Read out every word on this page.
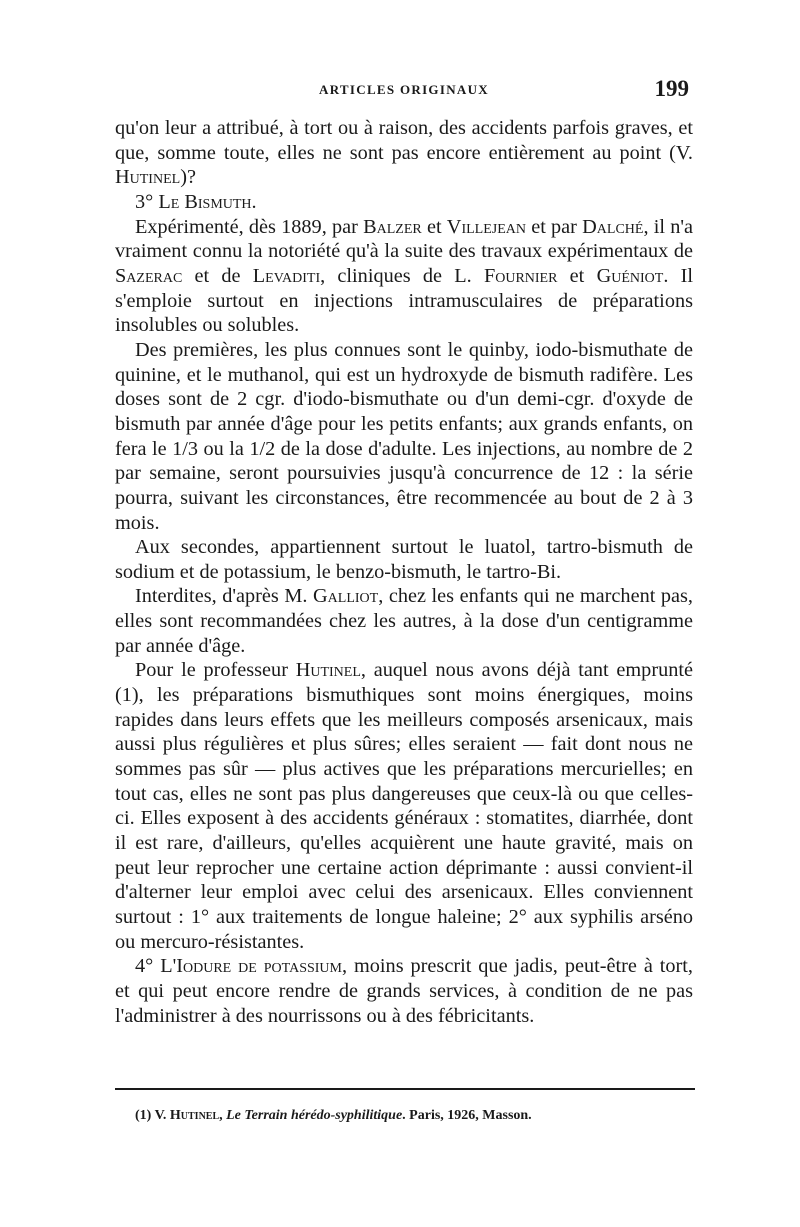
ARTICLES ORIGINAUX	199

qu'on leur a attribué, à tort ou à raison, des accidents parfois graves, et que, somme toute, elles ne sont pas encore entièrement au point (V. Hutinel)?

3° Le Bismuth.

Expérimenté, dès 1889, par Balzer et Villejean et par Dalché, il n'a vraiment connu la notoriété qu'à la suite des travaux expérimentaux de Sazerac et de Levaditi, cliniques de L. Fournier et Guéniot. Il s'emploie surtout en injections intramusculaires de préparations insolubles ou solubles.

Des premières, les plus connues sont le quinby, iodo-bismuthate de quinine, et le muthanol, qui est un hydroxyde de bismuth radifère. Les doses sont de 2 cgr. d'iodo-bismuthate ou d'un demi-cgr. d'oxyde de bismuth par année d'âge pour les petits enfants; aux grands enfants, on fera le 1/3 ou la 1/2 de la dose d'adulte. Les injections, au nombre de 2 par semaine, seront poursuivies jusqu'à concurrence de 12 : la série pourra, suivant les circonstances, être recommencée au bout de 2 à 3 mois.

Aux secondes, appartiennent surtout le luatol, tartro-bismuth de sodium et de potassium, le benzo-bismuth, le tartro-Bi.

Interdites, d'après M. Galliot, chez les enfants qui ne marchent pas, elles sont recommandées chez les autres, à la dose d'un centigramme par année d'âge.

Pour le professeur Hutinel, auquel nous avons déjà tant emprunté (1), les préparations bismuthiques sont moins énergiques, moins rapides dans leurs effets que les meilleurs composés arsenicaux, mais aussi plus régulières et plus sûres; elles seraient — fait dont nous ne sommes pas sûr — plus actives que les préparations mercurielles; en tout cas, elles ne sont pas plus dangereuses que ceux-là ou que celles-ci. Elles exposent à des accidents généraux : stomatites, diarrhée, dont il est rare, d'ailleurs, qu'elles acquièrent une haute gravité, mais on peut leur reprocher une certaine action déprimante : aussi convient-il d'alterner leur emploi avec celui des arsenicaux. Elles conviennent surtout : 1° aux traitements de longue haleine; 2° aux syphilis arséno ou mercuro-résistantes.

4° L'Iodure de potassium, moins prescrit que jadis, peut-être à tort, et qui peut encore rendre de grands services, à condition de ne pas l'administrer à des nourrissons ou à des fébricitants.

(1) V. Hutinel, Le Terrain hérédo-syphilitique. Paris, 1926, Masson.
